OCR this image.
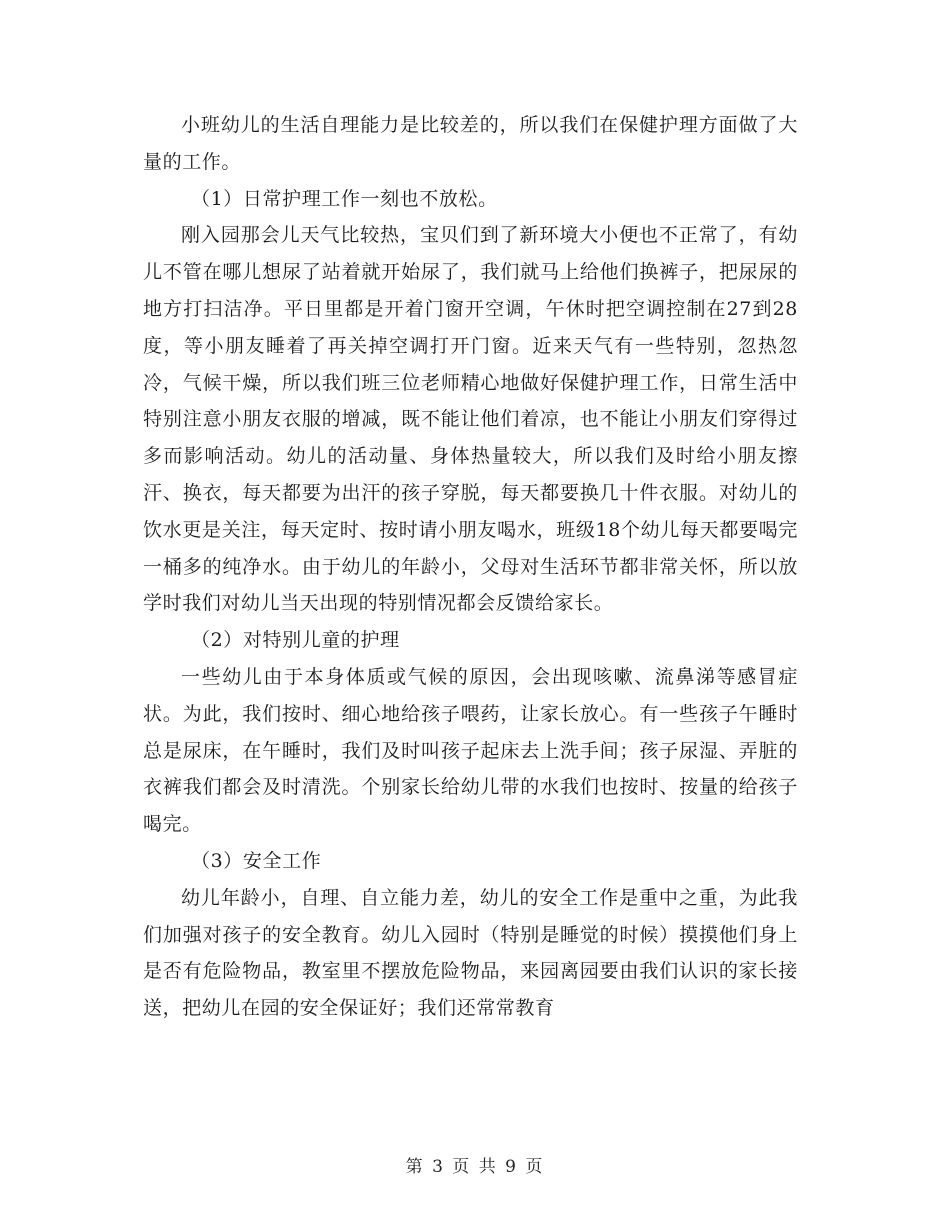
小班幼儿的生活自理能力是比较差的，所以我们在保健护理方面做了大量的工作。

（1）日常护理工作一刻也不放松。

刚入园那会儿天气比较热，宝贝们到了新环境大小便也不正常了，有幼儿不管在哪儿想尿了站着就开始尿了，我们就马上给他们换裤子，把尿尿的地方打扫洁净。平日里都是开着门窗开空调，午休时把空调控制在27到28度，等小朋友睡着了再关掉空调打开门窗。近来天气有一些特别，忽热忽冷，气候干燥，所以我们班三位老师精心地做好保健护理工作，日常生活中特别注意小朋友衣服的增减，既不能让他们着凉，也不能让小朋友们穿得过多而影响活动。幼儿的活动量、身体热量较大，所以我们及时给小朋友擦汗、换衣，每天都要为出汗的孩子穿脱，每天都要换几十件衣服。对幼儿的饮水更是关注，每天定时、按时请小朋友喝水，班级18个幼儿每天都要喝完一桶多的纯净水。由于幼儿的年龄小，父母对生活环节都非常关怀，所以放学时我们对幼儿当天出现的特别情况都会反馈给家长。

（2）对特别儿童的护理

一些幼儿由于本身体质或气候的原因，会出现咳嗽、流鼻涕等感冒症状。为此，我们按时、细心地给孩子喂药，让家长放心。有一些孩子午睡时总是尿床，在午睡时，我们及时叫孩子起床去上洗手间；孩子尿湿、弄脏的衣裤我们都会及时清洗。个别家长给幼儿带的水我们也按时、按量的给孩子喝完。

（3）安全工作

幼儿年龄小，自理、自立能力差，幼儿的安全工作是重中之重，为此我们加强对孩子的安全教育。幼儿入园时（特别是睡觉的时候）摸摸他们身上是否有危险物品，教室里不摆放危险物品，来园离园要由我们认识的家长接送，把幼儿在园的安全保证好；我们还常常教育

第 3 页 共 9 页
